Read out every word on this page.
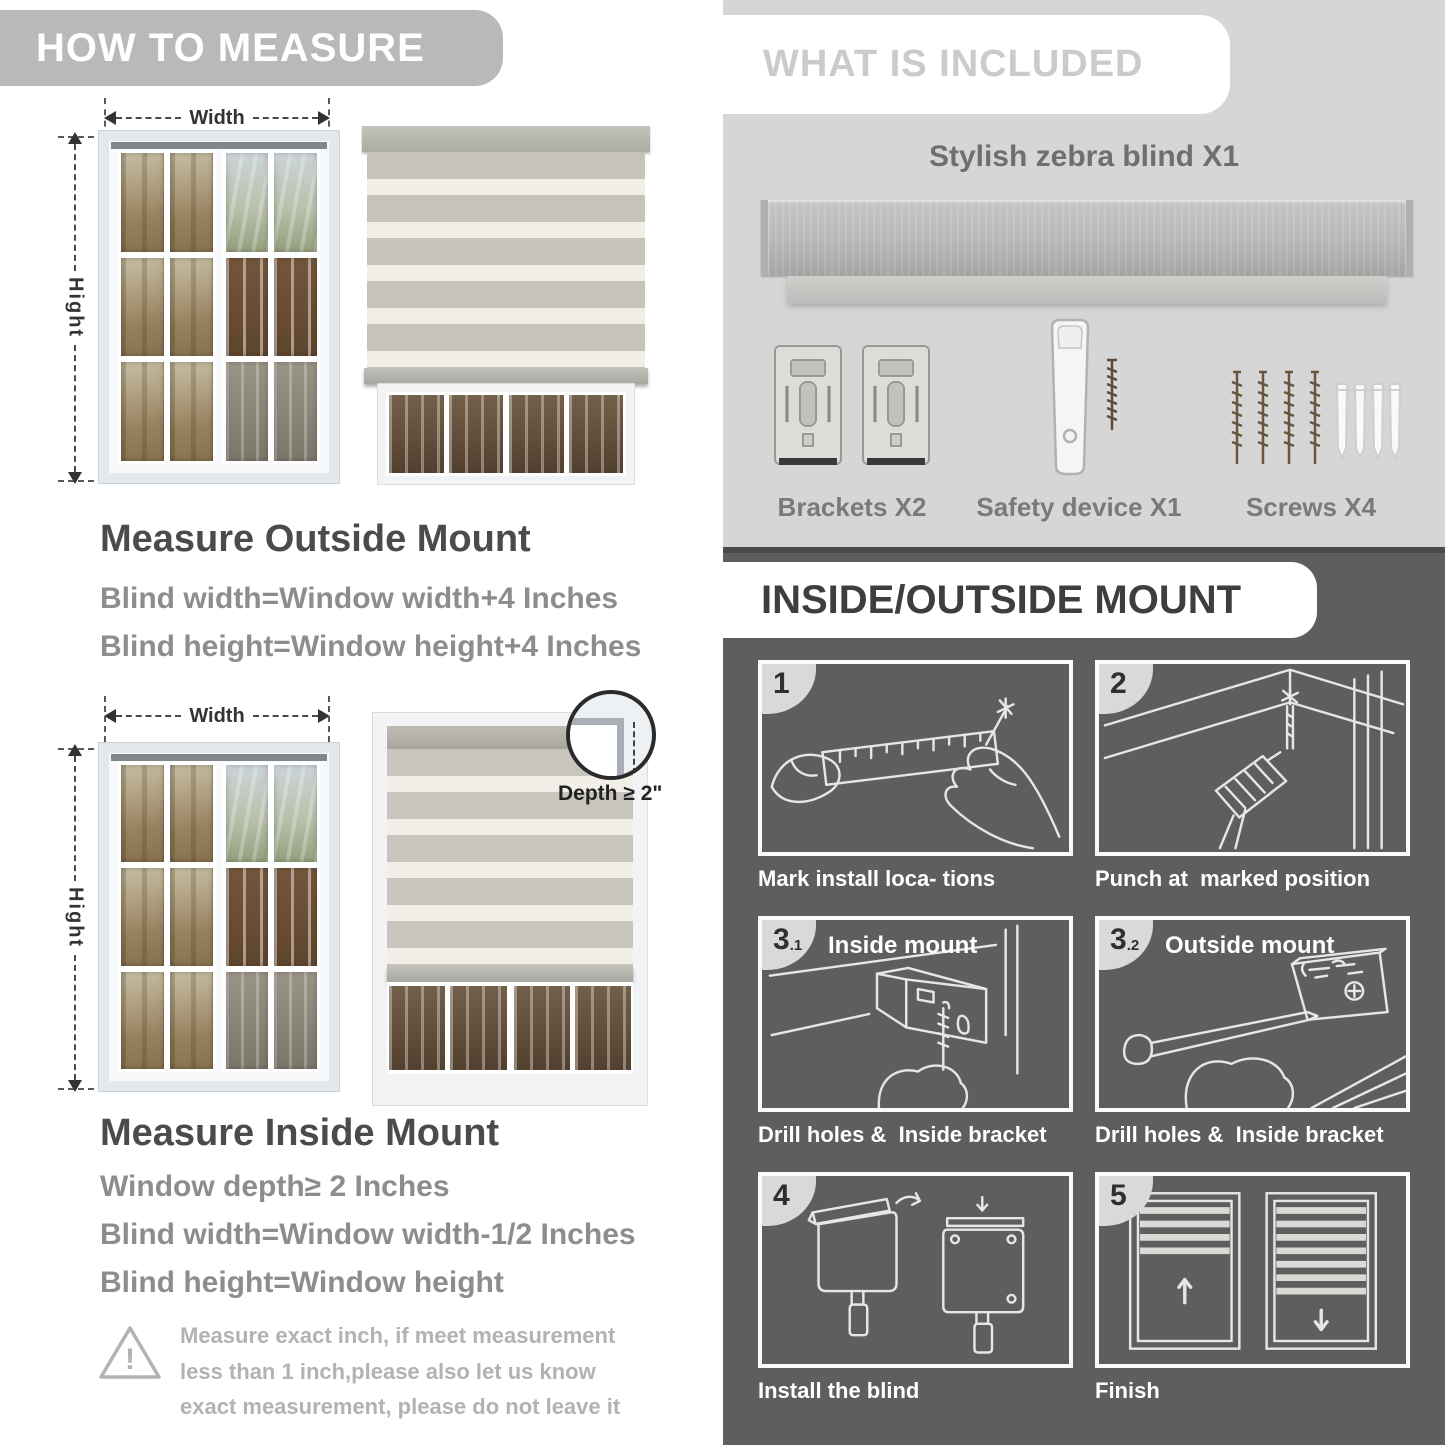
HOW TO MEASURE
Width
Hight
Measure Outside Mount

Blind width=Window width+4 Inches

Blind height=Window height+4 Inches

Width
Hight
Depth ≥ 2"
Measure Inside Mount

Window depth≥ 2 Inches

Blind width=Window width-1/2 Inches

Blind height=Window height

!

Measure exact inch, if meet measurement less than 1 inch,please also let us know exact measurement, please do not leave it

WHAT IS INCLUDED
Stylish zebra blind X1
Brackets X2	Safety device X1	Screws X4
INSIDE/OUTSIDE MOUNT
1
Mark install loca- tions
2
Punch at  marked position
3 .1 Inside mount
Drill holes &  Inside bracket
3 .2 Outside mount
Drill holes &  Inside bracket
4
Install the blind
5
Finish
